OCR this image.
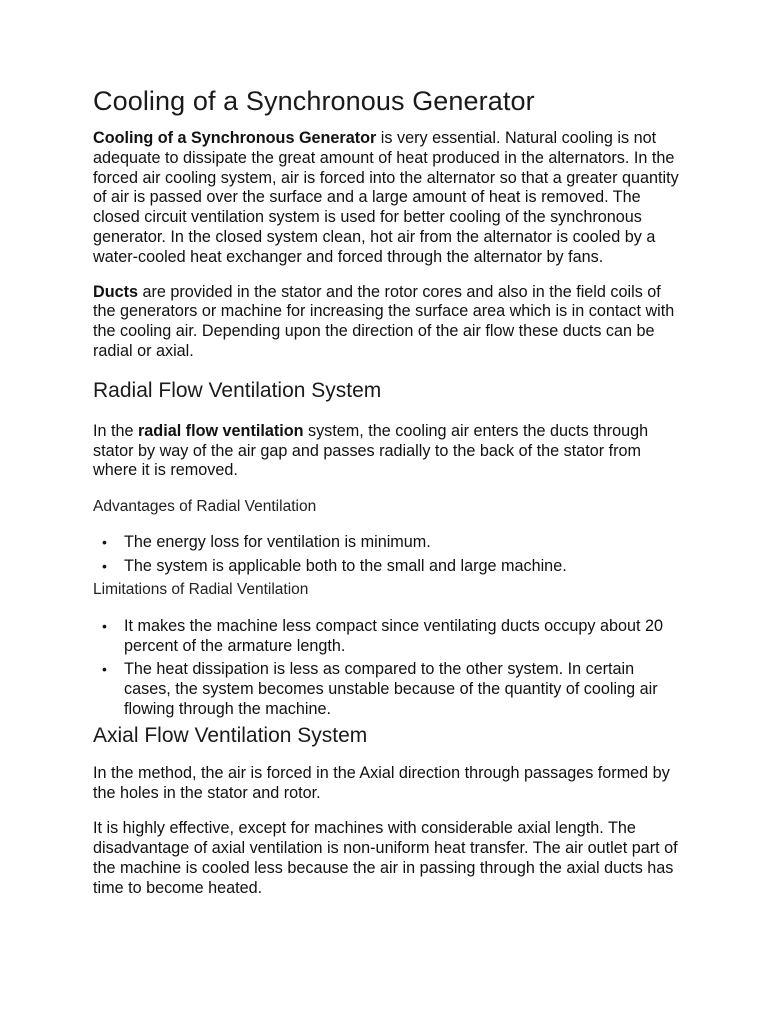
Cooling of a Synchronous Generator

Cooling of a Synchronous Generator is very essential. Natural cooling is not adequate to dissipate the great amount of heat produced in the alternators. In the forced air cooling system, air is forced into the alternator so that a greater quantity of air is passed over the surface and a large amount of heat is removed. The closed circuit ventilation system is used for better cooling of the synchronous generator. In the closed system clean, hot air from the alternator is cooled by a water-cooled heat exchanger and forced through the alternator by fans.

Ducts are provided in the stator and the rotor cores and also in the field coils of the generators or machine for increasing the surface area which is in contact with the cooling air. Depending upon the direction of the air flow these ducts can be radial or axial.

Radial Flow Ventilation System

In the radial flow ventilation system, the cooling air enters the ducts through stator by way of the air gap and passes radially to the back of the stator from where it is removed.

Advantages of Radial Ventilation
• The energy loss for ventilation is minimum.
• The system is applicable both to the small and large machine.
Limitations of Radial Ventilation
• It makes the machine less compact since ventilating ducts occupy about 20 percent of the armature length.
• The heat dissipation is less as compared to the other system. In certain cases, the system becomes unstable because of the quantity of cooling air flowing through the machine.
Axial Flow Ventilation System

In the method, the air is forced in the Axial direction through passages formed by the holes in the stator and rotor.

It is highly effective, except for machines with considerable axial length. The disadvantage of axial ventilation is non-uniform heat transfer. The air outlet part of the machine is cooled less because the air in passing through the axial ducts has time to become heated.
